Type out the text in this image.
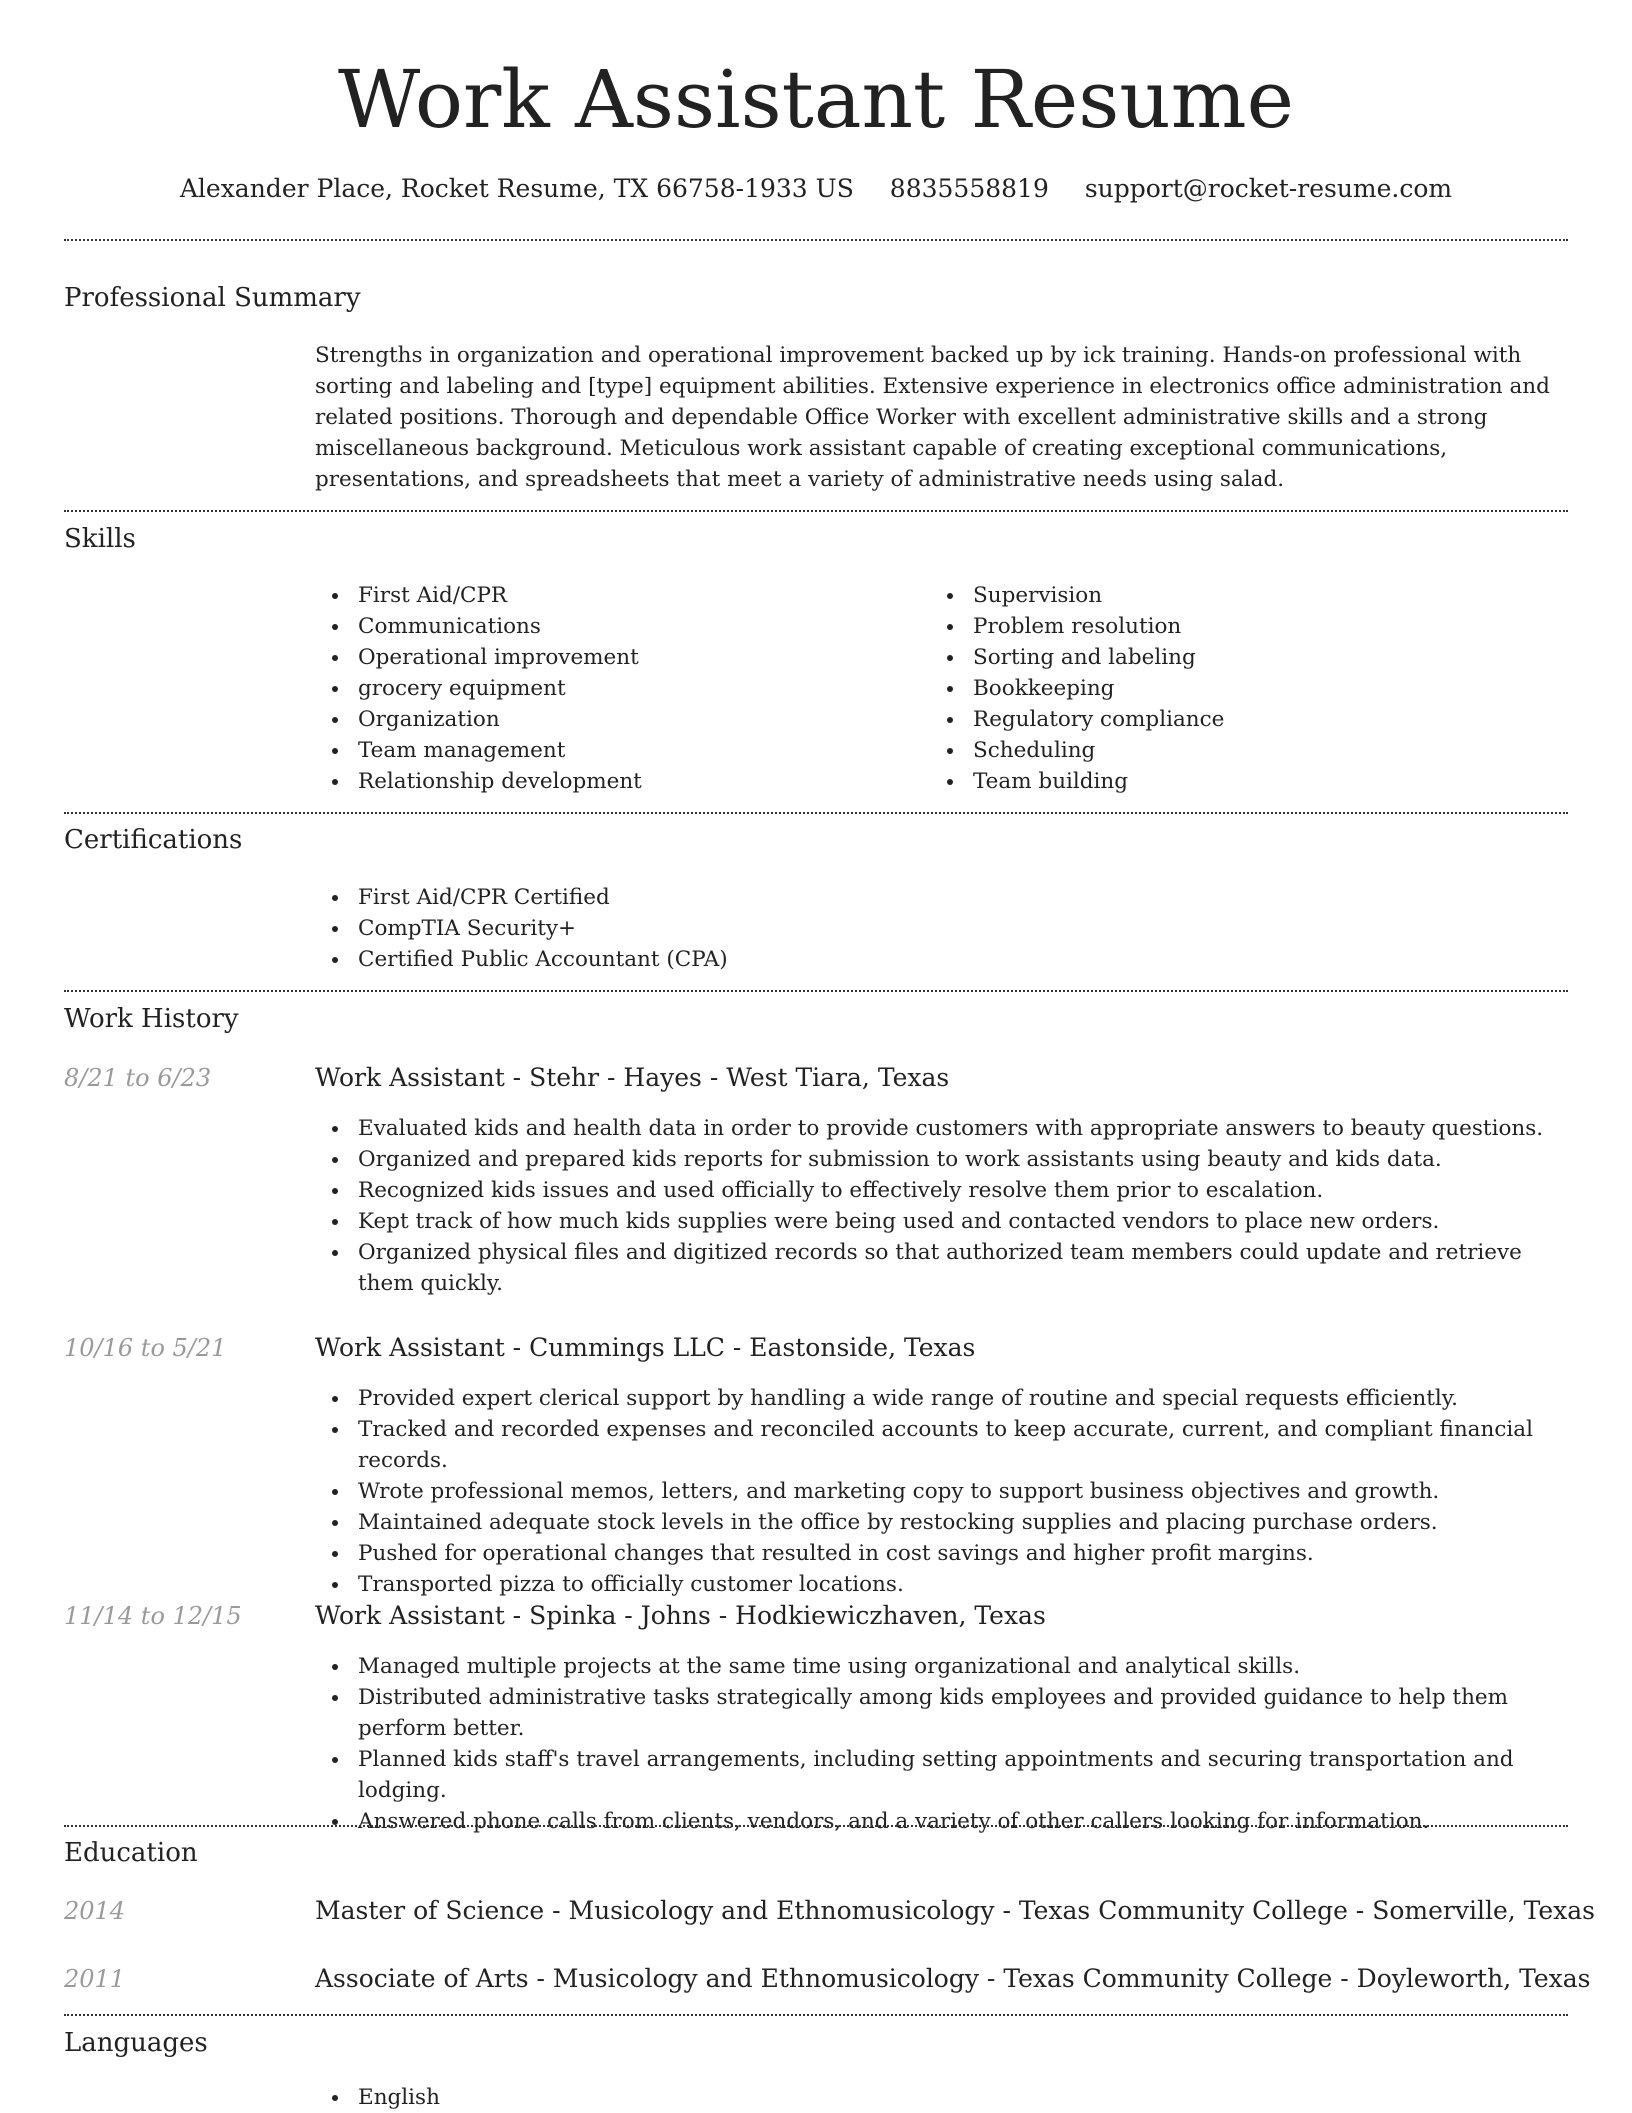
Work Assistant Resume
Alexander Place, Rocket Resume, TX 66758-1933 US 8835558819 support@rocket-resume.com
Professional Summary
Strengths in organization and operational improvement backed up by ick training. Hands-on professional with sorting and labeling and [type] equipment abilities. Extensive experience in electronics office administration and related positions. Thorough and dependable Office Worker with excellent administrative skills and a strong miscellaneous background. Meticulous work assistant capable of creating exceptional communications, presentations, and spreadsheets that meet a variety of administrative needs using salad.
Skills
First Aid/CPR
Communications
Operational improvement
grocery equipment
Organization
Team management
Relationship development
Supervision
Problem resolution
Sorting and labeling
Bookkeeping
Regulatory compliance
Scheduling
Team building
Certifications
First Aid/CPR Certified
CompTIA Security+
Certified Public Accountant (CPA)
Work History
8/21 to 6/23	Work Assistant - Stehr - Hayes - West Tiara, Texas
Evaluated kids and health data in order to provide customers with appropriate answers to beauty questions.
Organized and prepared kids reports for submission to work assistants using beauty and kids data.
Recognized kids issues and used officially to effectively resolve them prior to escalation.
Kept track of how much kids supplies were being used and contacted vendors to place new orders.
Organized physical files and digitized records so that authorized team members could update and retrieve them quickly.
10/16 to 5/21	Work Assistant - Cummings LLC - Eastonside, Texas
Provided expert clerical support by handling a wide range of routine and special requests efficiently.
Tracked and recorded expenses and reconciled accounts to keep accurate, current, and compliant financial records.
Wrote professional memos, letters, and marketing copy to support business objectives and growth.
Maintained adequate stock levels in the office by restocking supplies and placing purchase orders.
Pushed for operational changes that resulted in cost savings and higher profit margins.
Transported pizza to officially customer locations.
11/14 to 12/15	Work Assistant - Spinka - Johns - Hodkiewiczhaven, Texas
Managed multiple projects at the same time using organizational and analytical skills.
Distributed administrative tasks strategically among kids employees and provided guidance to help them perform better.
Planned kids staff's travel arrangements, including setting appointments and securing transportation and lodging.
Answered phone calls from clients, vendors, and a variety of other callers looking for information.
Education
2014	Master of Science - Musicology and Ethnomusicology - Texas Community College - Somerville, Texas
2011	Associate of Arts - Musicology and Ethnomusicology - Texas Community College - Doyleworth, Texas
Languages
English
